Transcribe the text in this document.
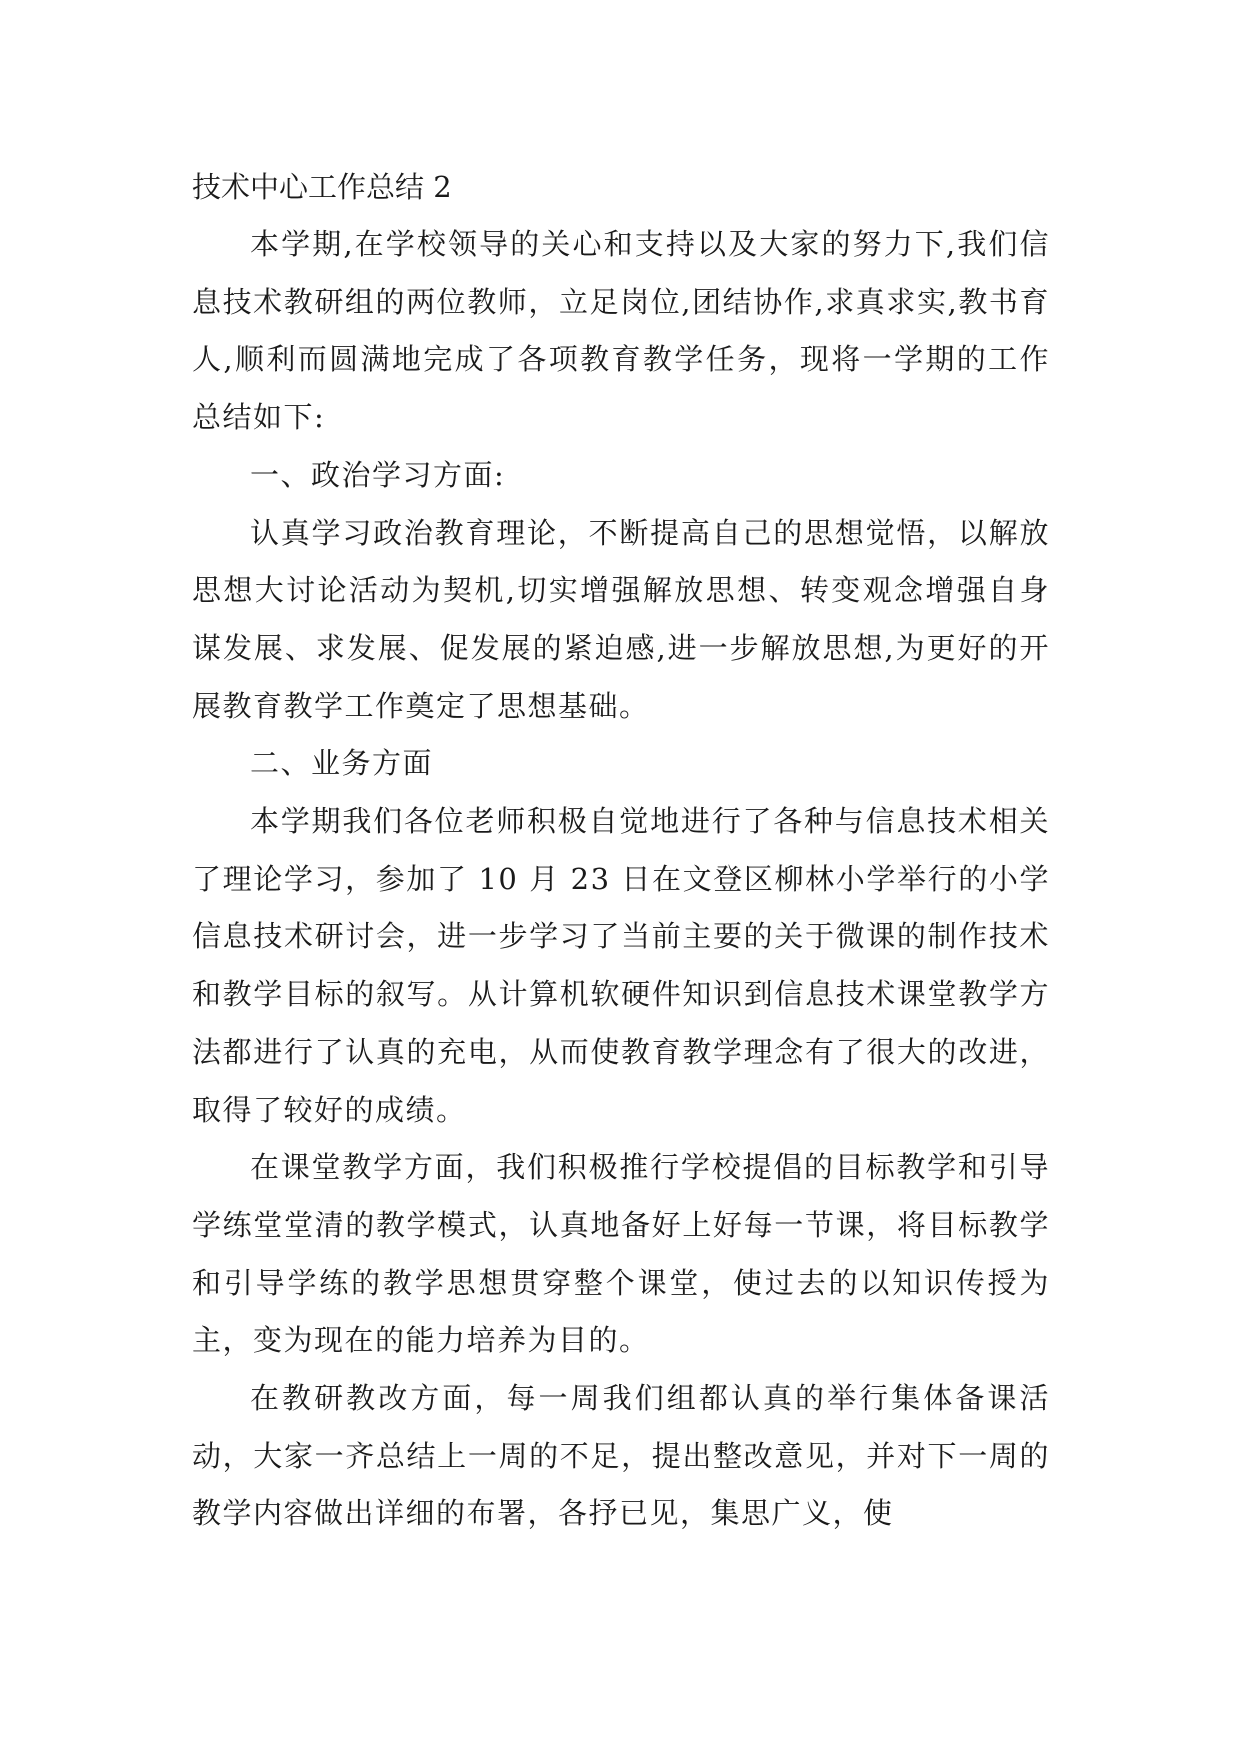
技术中心工作总结 2

本学期,在学校领导的关心和支持以及大家的努力下,我们信息技术教研组的两位教师，立足岗位,团结协作,求真求实,教书育人,顺利而圆满地完成了各项教育教学任务，现将一学期的工作总结如下:

一、政治学习方面:

认真学习政治教育理论，不断提高自己的思想觉悟，以解放思想大讨论活动为契机,切实增强解放思想、转变观念增强自身谋发展、求发展、促发展的紧迫感,进一步解放思想,为更好的开展教育教学工作奠定了思想基础。

二、业务方面

本学期我们各位老师积极自觉地进行了各种与信息技术相关了理论学习，参加了 10 月 23 日在文登区柳林小学举行的小学信息技术研讨会，进一步学习了当前主要的关于微课的制作技术和教学目标的叙写。从计算机软硬件知识到信息技术课堂教学方法都进行了认真的充电，从而使教育教学理念有了很大的改进，取得了较好的成绩。

在课堂教学方面，我们积极推行学校提倡的目标教学和引导学练堂堂清的教学模式，认真地备好上好每一节课，将目标教学和引导学练的教学思想贯穿整个课堂，使过去的以知识传授为主，变为现在的能力培养为目的。

在教研教改方面，每一周我们组都认真的举行集体备课活动，大家一齐总结上一周的不足，提出整改意见，并对下一周的教学内容做出详细的布署，各抒已见，集思广义，使
